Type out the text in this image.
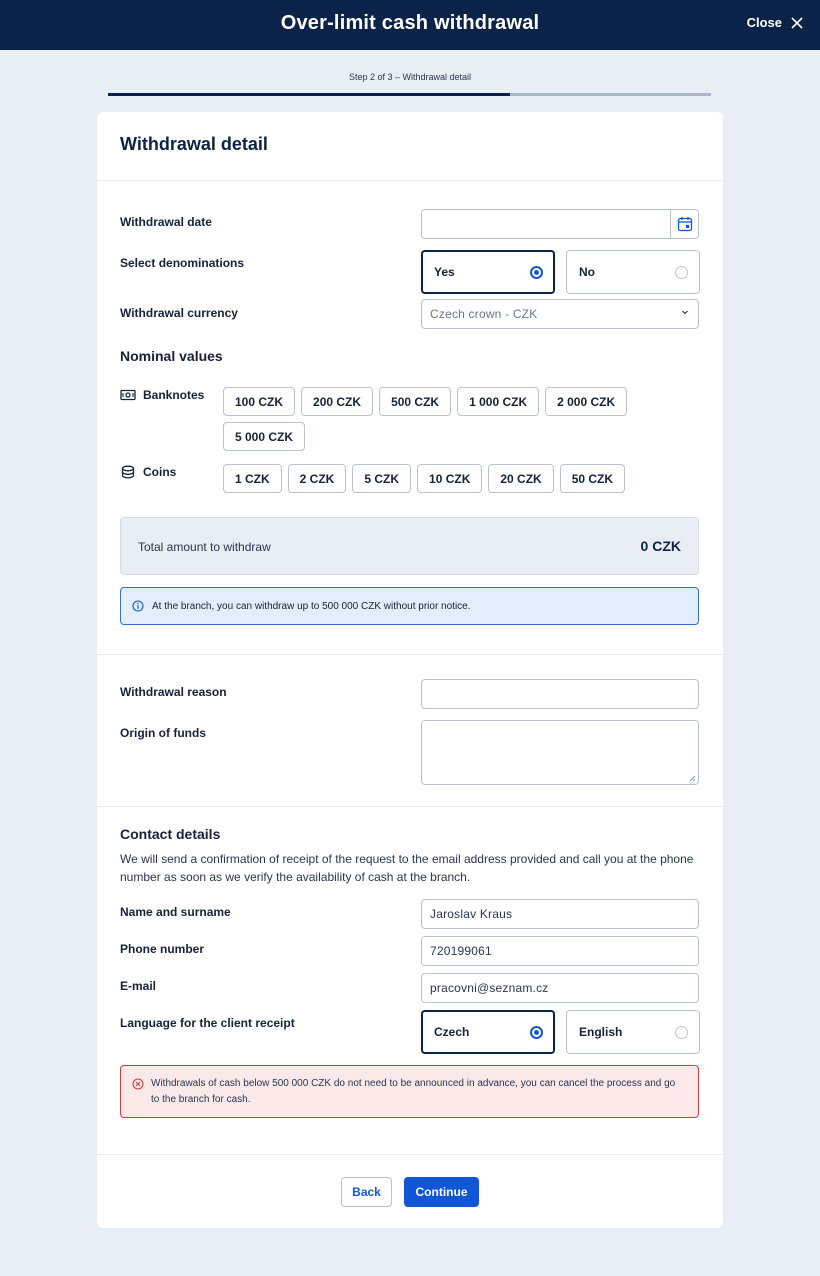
Over-limit cash withdrawal	Close
Step 2 of 3 – Withdrawal detail
Withdrawal detail
Withdrawal date
Select denominations
Yes	No
Withdrawal currency	Czech crown - CZK
Nominal values
Banknotes	100 CZK	200 CZK	500 CZK	1 000 CZK	2 000 CZK
5 000 CZK
Coins	1 CZK	2 CZK	5 CZK	10 CZK	20 CZK	50 CZK
Total amount to withdraw	0 CZK
At the branch, you can withdraw up to 500 000 CZK without prior notice.
Withdrawal reason
Origin of funds
Contact details
We will send a confirmation of receipt of the request to the email address provided and call you at the phone number as soon as we verify the availability of cash at the branch.
Name and surname	Jaroslav Kraus
Phone number	720199061
E-mail	pracovni@seznam.cz
Language for the client receipt
Czech	English
Withdrawals of cash below 500 000 CZK do not need to be announced in advance, you can cancel the process and go to the branch for cash.
Back	Continue
